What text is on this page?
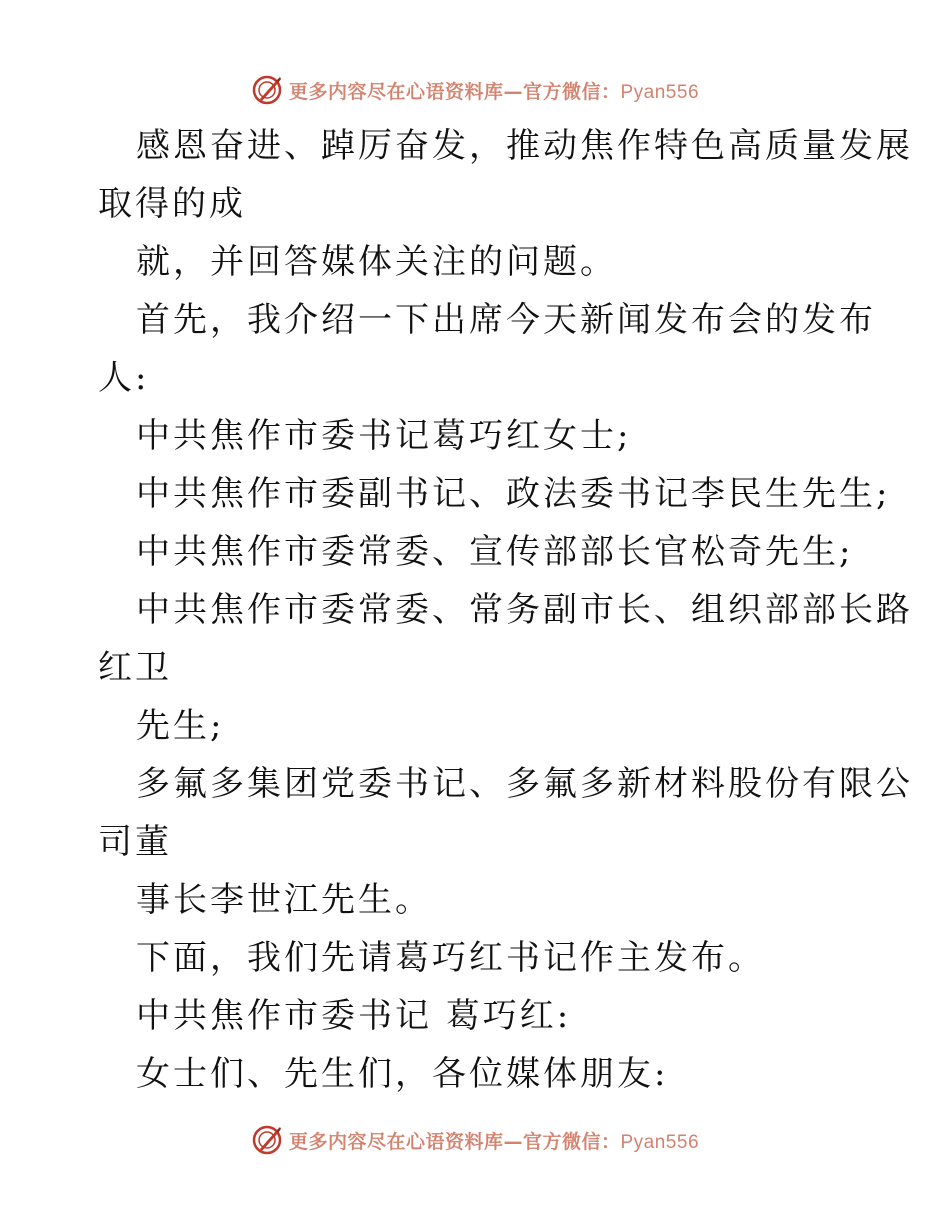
更多内容尽在心语资料库—官方微信：Pyan556
感恩奋进、踔厉奋发，推动焦作特色高质量发展
取得的成
就，并回答媒体关注的问题。
首先，我介绍一下出席今天新闻发布会的发布
人:
中共焦作市委书记葛巧红女士;
中共焦作市委副书记、政法委书记李民生先生;
中共焦作市委常委、宣传部部长官松奇先生;
中共焦作市委常委、常务副市长、组织部部长路
红卫
先生;
多氟多集团党委书记、多氟多新材料股份有限公
司董
事长李世江先生。
下面，我们先请葛巧红书记作主发布。
中共焦作市委书记 葛巧红:
女士们、先生们，各位媒体朋友:
更多内容尽在心语资料库—官方微信：Pyan556
